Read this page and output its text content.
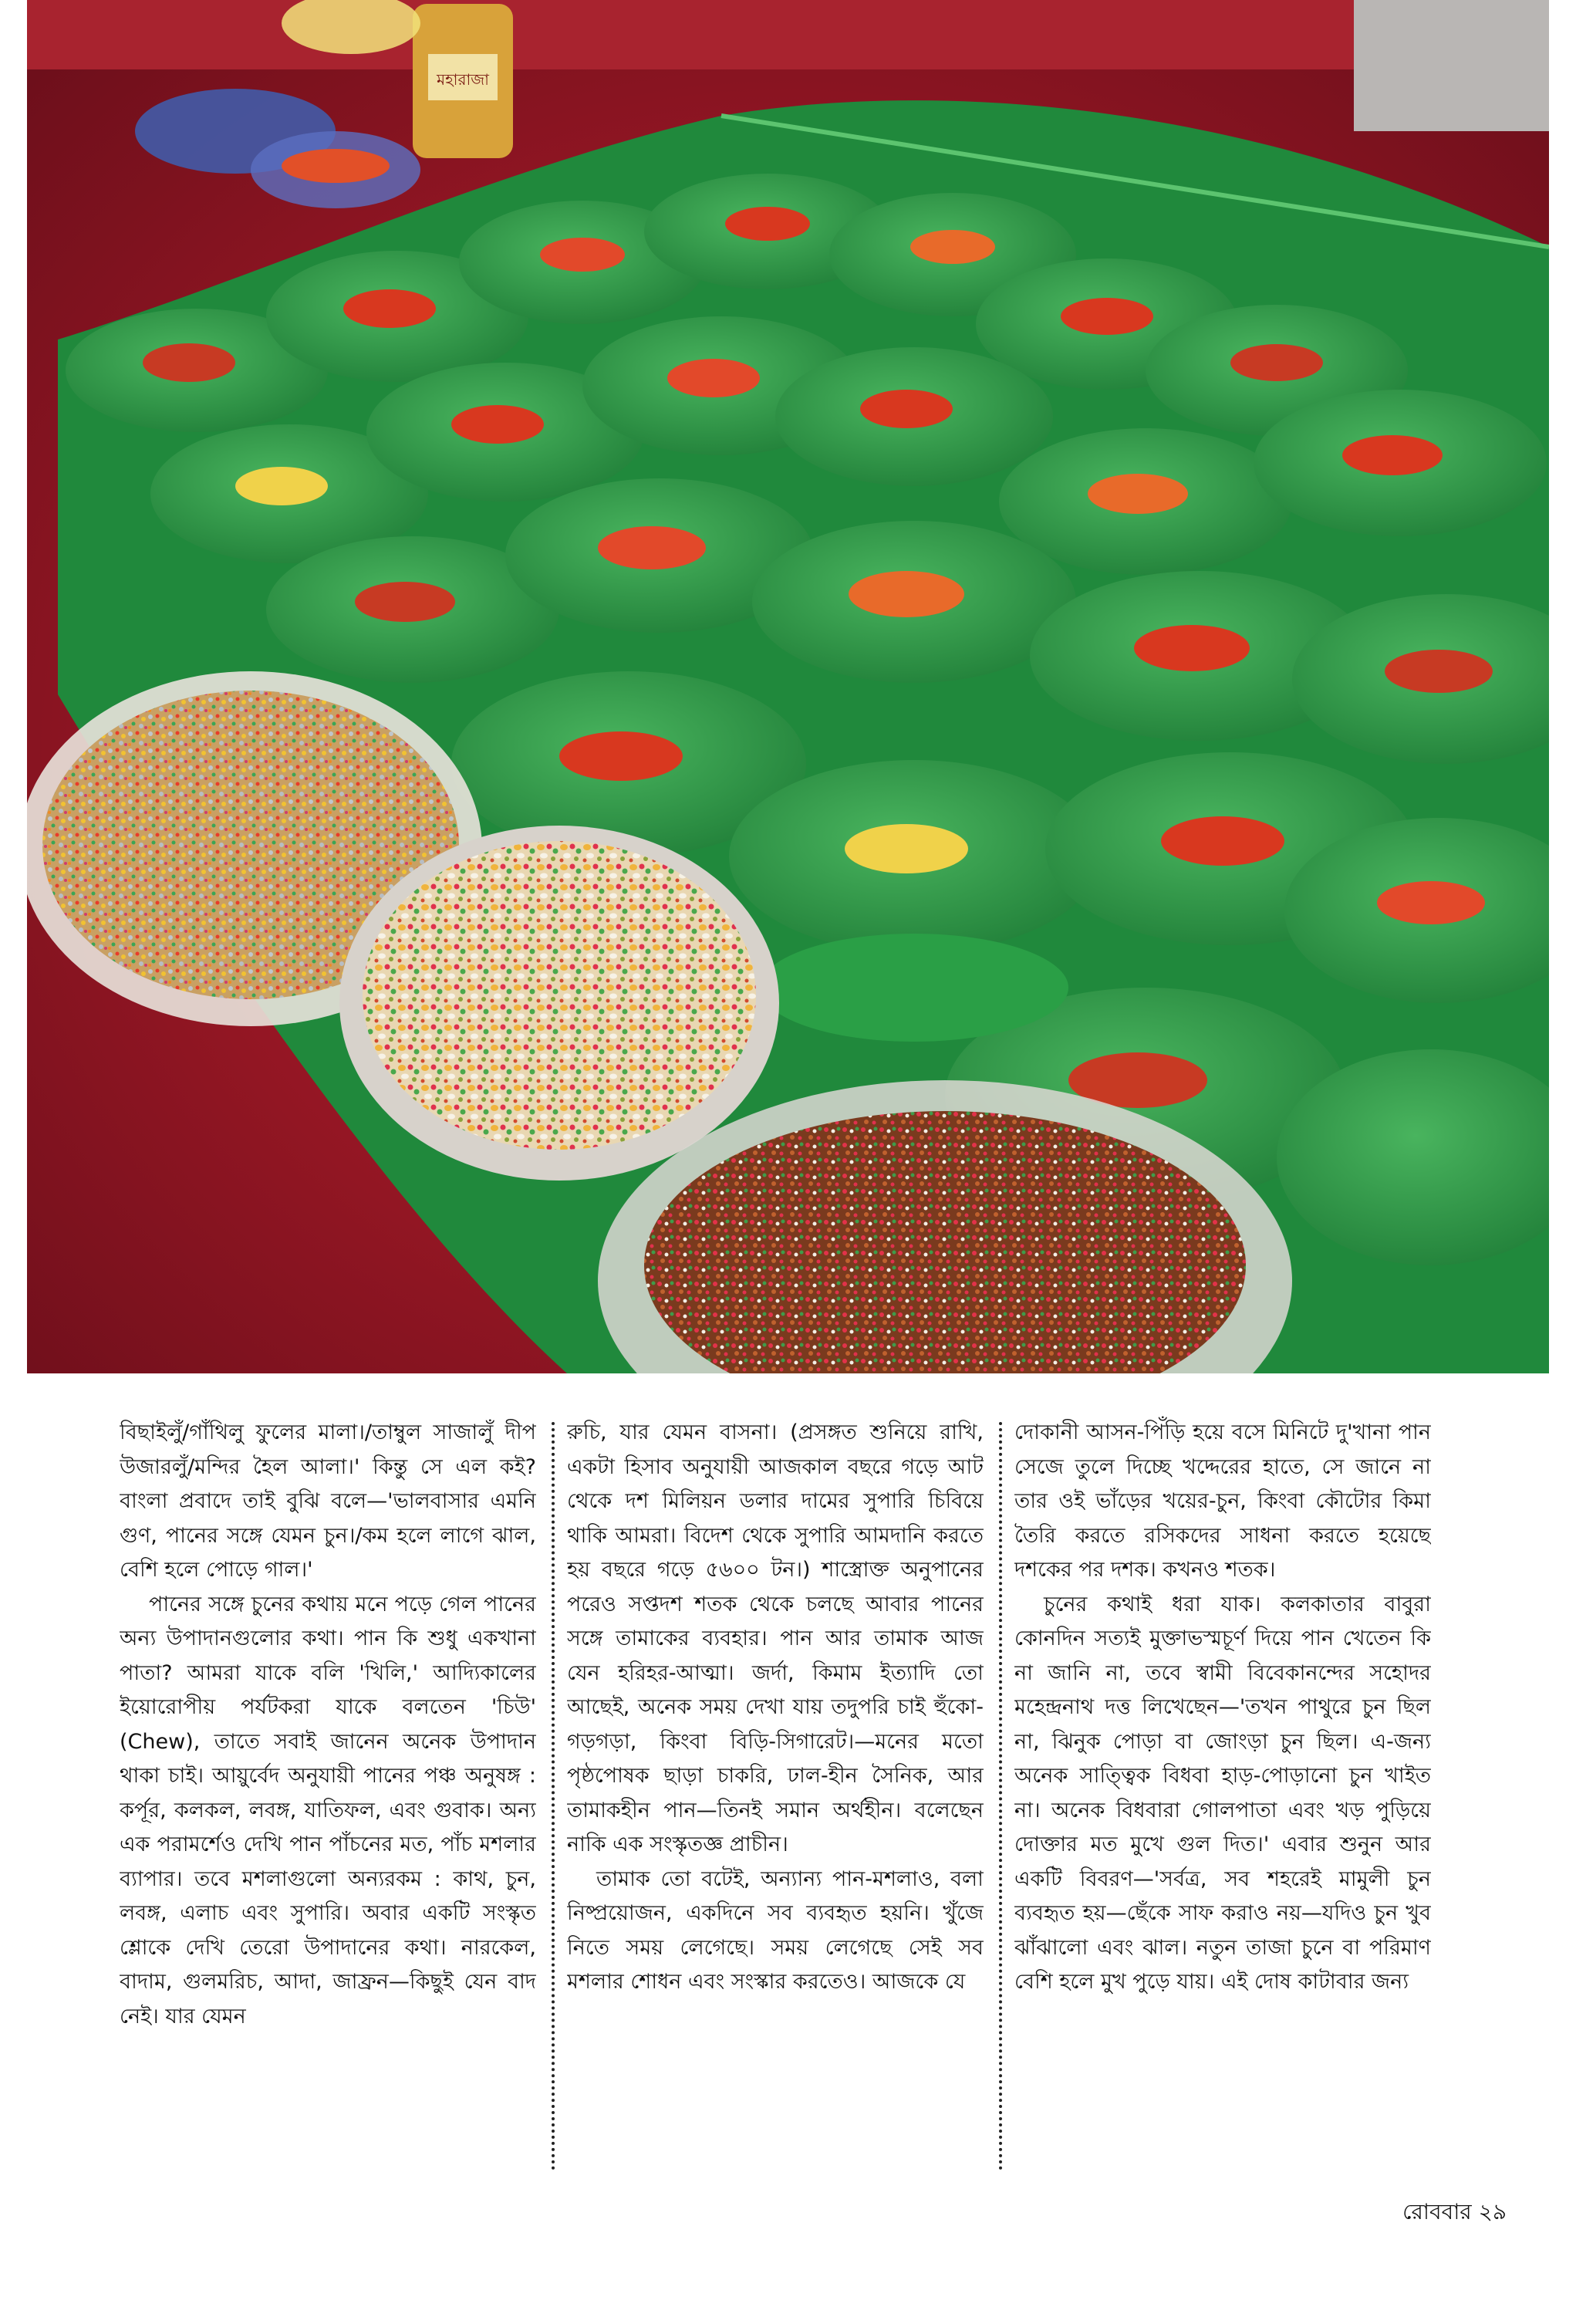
মহারাজা

বিছাইলুঁ/গাঁথিলু ফুলের মালা।/তাম্বুল সাজালুঁ দীপ উজারলুঁ/মন্দির হৈল আলা।' কিন্তু সে এল কই? বাংলা প্রবাদে তাই বুঝি বলে—'ভালবাসার এমনি গুণ, পানের সঙ্গে যেমন চুন।/কম হলে লাগে ঝাল, বেশি হলে পোড়ে গাল।'

পানের সঙ্গে চুনের কথায় মনে পড়ে গেল পানের অন্য উপাদানগুলোর কথা। পান কি শুধু একখানা পাতা? আমরা যাকে বলি 'খিলি,' আদ্যিকালের ইয়োরোপীয় পর্যটকরা যাকে বলতেন 'চিউ' (Chew), তাতে সবাই জানেন অনেক উপাদান থাকা চাই। আয়ুর্বেদ অনুযায়ী পানের পঞ্চ অনুষঙ্গ : কর্পূর, কলকল, লবঙ্গ, যাতিফল, এবং গুবাক। অন্য এক পরামর্শেও দেখি পান পাঁচনের মত, পাঁচ মশলার ব্যাপার। তবে মশলাগুলো অন্যরকম : কাথ, চুন, লবঙ্গ, এলাচ এবং সুপারি। অবার একটি সংস্কৃত শ্লোকে দেখি তেরো উপাদানের কথা। নারকেল, বাদাম, গুলমরিচ, আদা, জাফ্রন—কিছুই যেন বাদ নেই। যার যেমন

রুচি, যার যেমন বাসনা। (প্রসঙ্গত শুনিয়ে রাখি, একটা হিসাব অনুযায়ী আজকাল বছরে গড়ে আট থেকে দশ মিলিয়ন ডলার দামের সুপারি চিবিয়ে থাকি আমরা। বিদেশ থেকে সুপারি আমদানি করতে হয় বছরে গড়ে ৫৬০০ টন।) শাস্ত্রোক্ত অনুপানের পরেও সপ্তদশ শতক থেকে চলছে আবার পানের সঙ্গে তামাকের ব্যবহার। পান আর তামাক আজ যেন হরিহর-আত্মা। জর্দা, কিমাম ইত্যাদি তো আছেই, অনেক সময় দেখা যায় তদুপরি চাই হুঁকো-গড়গড়া, কিংবা বিড়ি-সিগারেট।—মনের মতো পৃষ্ঠপোষক ছাড়া চাকরি, ঢাল-হীন সৈনিক, আর তামাকহীন পান—তিনই সমান অর্থহীন। বলেছেন নাকি এক সংস্কৃতজ্ঞ প্রাচীন।

তামাক তো বটেই, অন্যান্য পান-মশলাও, বলা নিষ্প্রয়োজন, একদিনে সব ব্যবহৃত হয়নি। খুঁজে নিতে সময় লেগেছে। সময় লেগেছে সেই সব মশলার শোধন এবং সংস্কার করতেও। আজকে যে

দোকানী আসন-পিঁড়ি হয়ে বসে মিনিটে দু'খানা পান সেজে তুলে দিচ্ছে খদ্দেরের হাতে, সে জানে না তার ওই ভাঁড়ের খয়ের-চুন, কিংবা কৌটোর কিমা তৈরি করতে রসিকদের সাধনা করতে হয়েছে দশকের পর দশক। কখনও শতক।

চুনের কথাই ধরা যাক। কলকাতার বাবুরা কোনদিন সত্যই মুক্তাভস্মচূর্ণ দিয়ে পান খেতেন কি না জানি না, তবে স্বামী বিবেকানন্দের সহোদর মহেন্দ্রনাথ দত্ত লিখেছেন—'তখন পাথুরে চুন ছিল না, ঝিনুক পোড়া বা জোংড়া চুন ছিল। এ-জন্য অনেক সাত্ত্বিক বিধবা হাড়-পোড়ানো চুন খাইত না। অনেক বিধবারা গোলপাতা এবং খড় পুড়িয়ে দোক্তার মত মুখে গুল দিত।' এবার শুনুন আর একটি বিবরণ—'সর্বত্র, সব শহরেই মামুলী চুন ব্যবহৃত হয়—ছেঁকে সাফ করাও নয়—যদিও চুন খুব ঝাঁঝালো এবং ঝাল। নতুন তাজা চুনে বা পরিমাণ বেশি হলে মুখ পুড়ে যায়। এই দোষ কাটাবার জন্য

রোববার ২৯
